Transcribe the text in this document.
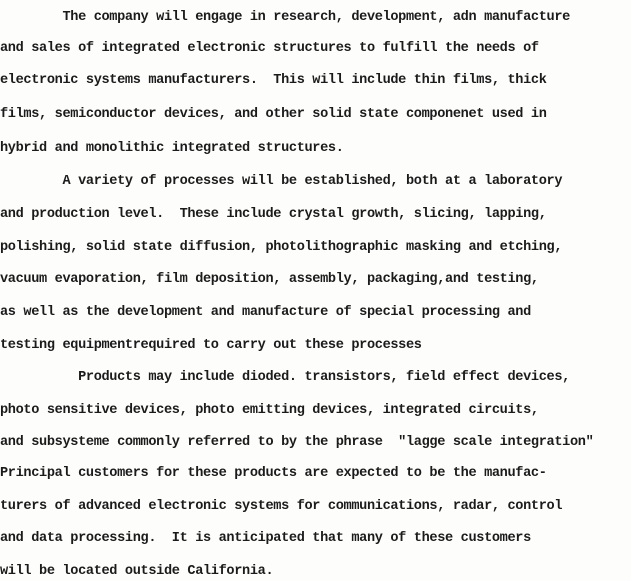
The company will engage in research, development, adn manufacture
and sales of integrated electronic structures to fulfill the needs of
electronic systems manufacturers.  This will include thin films, thick
films, semiconductor devices, and other solid state componenet used in
hybrid and monolithic integrated structures.
A variety of processes will be established, both at a laboratory
and production level.  These include crystal growth, slicing, lapping,
polishing, solid state diffusion, photolithographic masking and etching,
vacuum evaporation, film deposition, assembly, packaging,and testing,
as well as the development and manufacture of special processing and
testing equipmentrequired to carry out these processes
Products may include dioded. transistors, field effect devices,
photo sensitive devices, photo emitting devices, integrated circuits,
and subsysteme commonly referred to by the phrase  "lagge scale integration"
Principal customers for these products are expected to be the manufac-
turers of advanced electronic systems for communications, radar, control
and data processing.  It is anticipated that many of these customers
will be located outside California.
